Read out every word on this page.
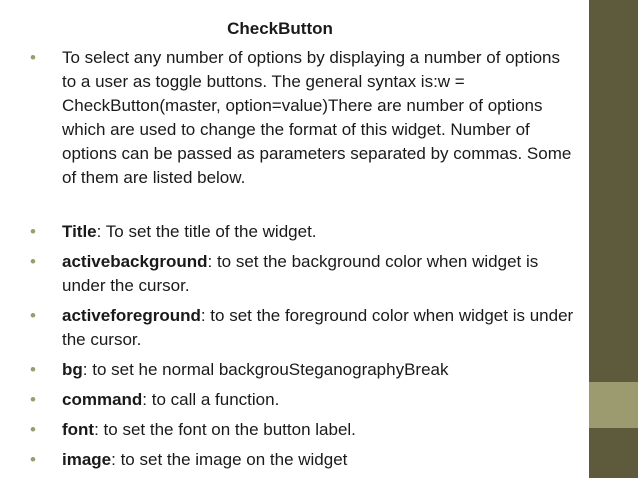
CheckButton
•	To select any number of options by displaying a number of options to a user as toggle buttons. The general syntax is:w = CheckButton(master, option=value)There are number of options which are used to change the format of this widget. Number of options can be passed as parameters separated by commas. Some of them are listed below.
•	Title: To set the title of the widget.
•	activebackground: to set the background color when widget is under the cursor.
•	activeforeground: to set the foreground color when widget is under the cursor.
•	bg: to set he normal backgrouSteganographyBreak
•	command: to call a function.
•	font: to set the font on the button label.
•	image: to set the image on the widget
